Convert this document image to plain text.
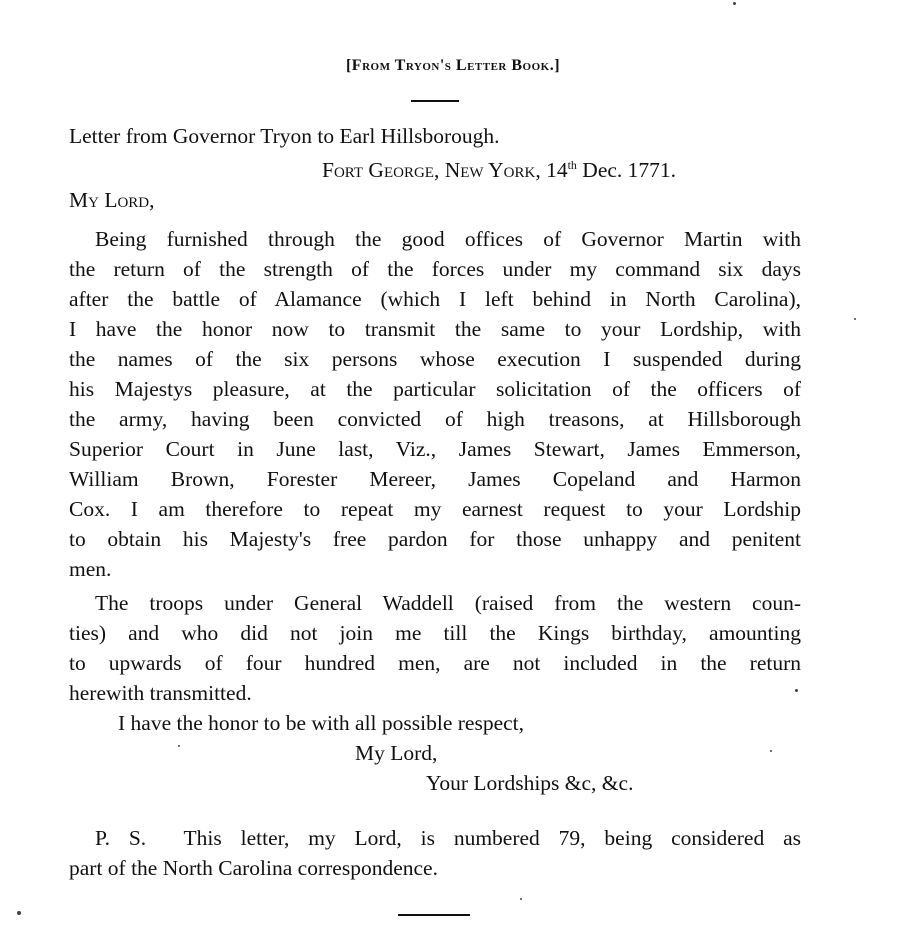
[From Tryon's Letter Book.]
Letter from Governor Tryon to Earl Hillsborough.
Fort George, New York, 14th Dec. 1771.
My Lord,
Being furnished through the good offices of Governor Martin with
the return of the strength of the forces under my command six days
after the battle of Alamance (which I left behind in North Carolina),
I have the honor now to transmit the same to your Lordship, with
the names of the six persons whose execution I suspended during
his Majestys pleasure, at the particular solicitation of the officers of
the army, having been convicted of high treasons, at Hillsborough
Superior Court in June last, Viz., James Stewart, James Emmerson,
William Brown, Forester Mereer, James Copeland and Harmon
Cox. I am therefore to repeat my earnest request to your Lordship
to obtain his Majesty's free pardon for those unhappy and penitent
men.
The troops under General Waddell (raised from the western coun-
ties) and who did not join me till the Kings birthday, amounting
to upwards of four hundred men, are not included in the return
herewith transmitted.
I have the honor to be with all possible respect,
My Lord,
Your Lordships &c, &c.
P. S.  This letter, my Lord, is numbered 79, being considered as
part of the North Carolina correspondence.
